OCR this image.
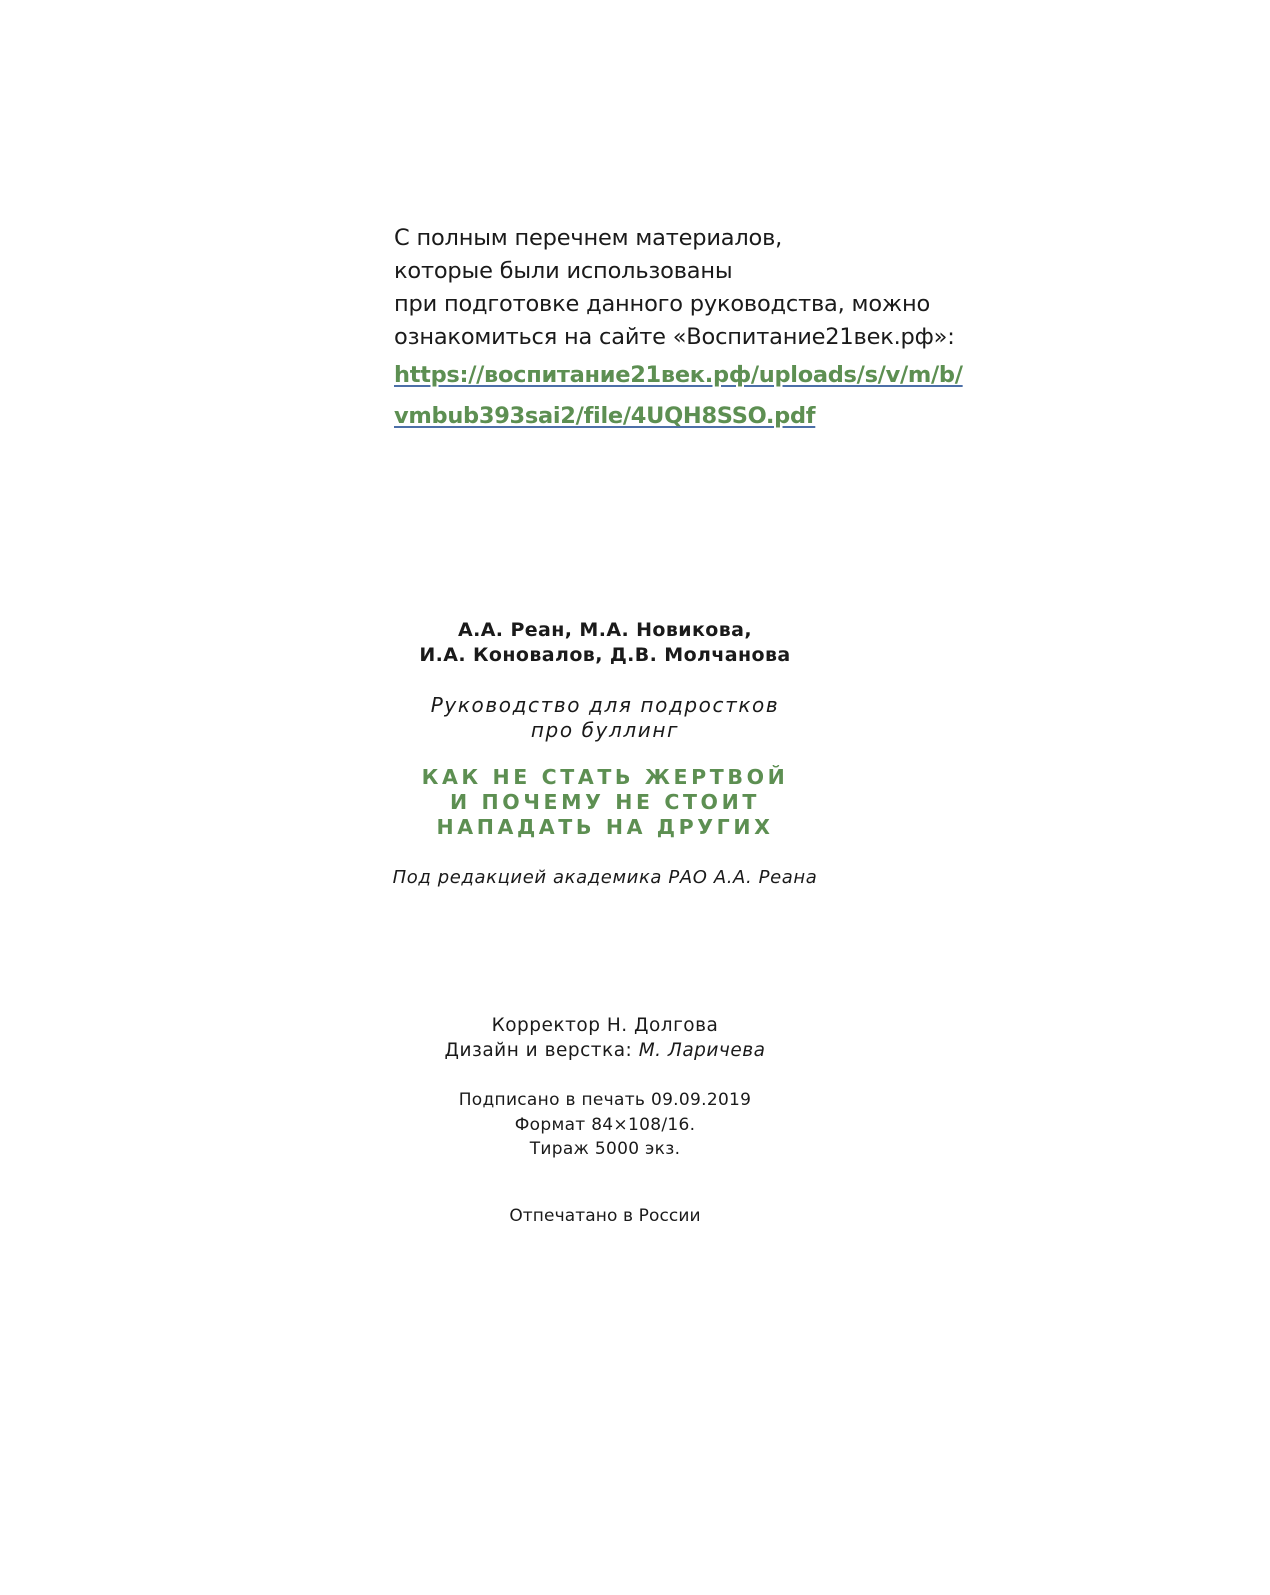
С полным перечнем материалов,
которые были использованы
при подготовке данного руководства, можно
ознакомиться на сайте «Воспитание21век.рф»:
https://воспитание21век.рф/uploads/s/v/m/b/
vmbub393sai2/file/4UQH8SSO.pdf
А.А. Реан, М.А. Новикова,
И.А. Коновалов, Д.В. Молчанова
Руководство для подростков
про буллинг
КАК НЕ СТАТЬ ЖЕРТВОЙ
И ПОЧЕМУ НЕ СТОИТ
НАПАДАТЬ НА ДРУГИХ
Под редакцией академика РАО А.А. Реана
Корректор Н. Долгова
Дизайн и верстка: М. Ларичева
Подписано в печать 09.09.2019
Формат 84×108/16.
Тираж 5000 экз.
Отпечатано в России
